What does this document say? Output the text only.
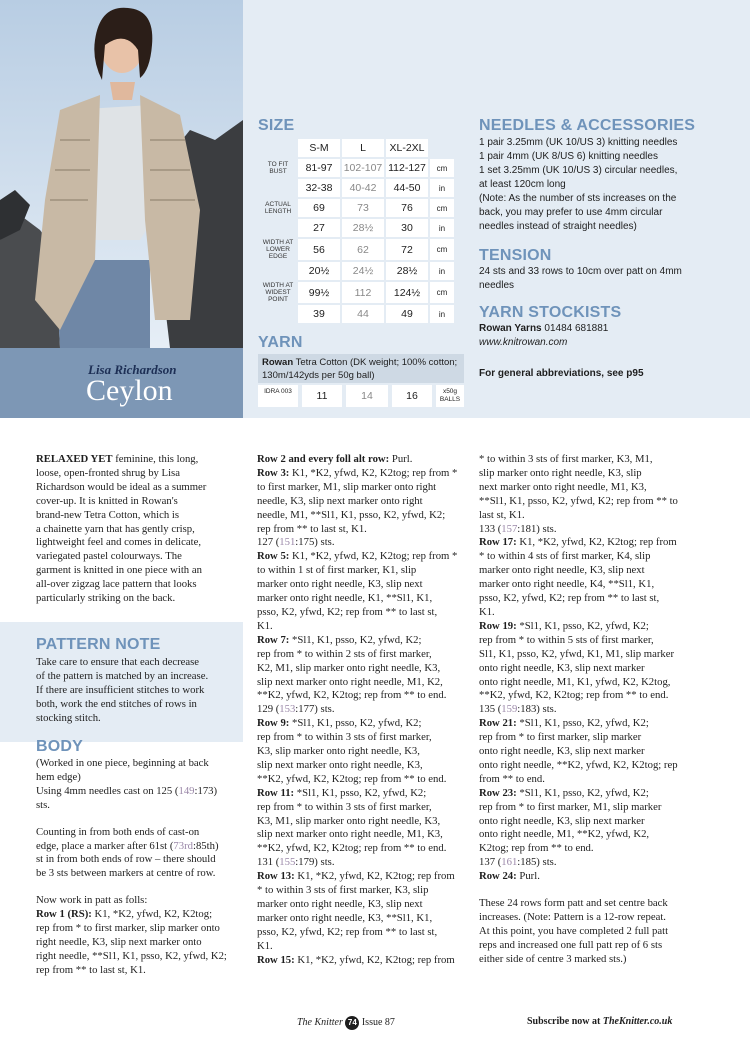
Lisa Richardson
Ceylon
SIZE
	S-M	L	XL-2XL	
TO FIT BUST	81-97	102-107	112-127	cm
	32-38	40-42	44-50	in
ACTUAL LENGTH	69	73	76	cm
	27	28½	30	in
WIDTH AT LOWER EDGE	56	62	72	cm
	20½	24½	28½	in
WIDTH AT WIDEST POINT	99½	112	124½	cm
	39	44	49	in
YARN
Rowan Tetra Cotton (DK weight; 100% cotton; 130m/142yds per 50g ball)
IDRA 003	11	14	16	x50g BALLS
NEEDLES & ACCESSORIES
1 pair 3.25mm (UK 10/US 3) knitting needles
1 pair 4mm (UK 8/US 6) knitting needles
1 set 3.25mm (UK 10/US 3) circular needles,
at least 120cm long
(Note: As the number of sts increases on the
back, you may prefer to use 4mm circular
needles instead of straight needles)
TENSION
24 sts and 33 rows to 10cm over patt on 4mm
needles
YARN STOCKISTS
Rowan Yarns 01484 681881
www.knitrowan.com
For general abbreviations, see p95

RELAXED YET feminine, this long,

loose, open-fronted shrug by Lisa

Richardson would be ideal as a summer

cover-up. It is knitted in Rowan's

brand-new Tetra Cotton, which is

a chainette yarn that has gently crisp,

lightweight feel and comes in delicate,

variegated pastel colourways. The

garment is knitted in one piece with an

all-over zigzag lace pattern that looks

particularly striking on the back.

PATTERN NOTE

Take care to ensure that each decrease

of the pattern is matched by an increase.

If there are insufficient stitches to work

both, work the end stitches of rows in

stocking stitch.

BODY

(Worked in one piece, beginning at back

hem edge)

Using 4mm needles cast on 125 (149:173)

sts.

Counting in from both ends of cast-on

edge, place a marker after 61st (73rd:85th)

st in from both ends of row – there should

be 3 sts between markers at centre of row.

Now work in patt as folls:

Row 1 (RS): K1, *K2, yfwd, K2, K2tog;

rep from * to first marker, slip marker onto

right needle, K3, slip next marker onto

right needle, **Sl1, K1, psso, K2, yfwd, K2;

rep from ** to last st, K1.

Row 2 and every foll alt row: Purl.

Row 3: K1, *K2, yfwd, K2, K2tog; rep from *

to first marker, M1, slip marker onto right

needle, K3, slip next marker onto right

needle, M1, **Sl1, K1, psso, K2, yfwd, K2;

rep from ** to last st, K1.

127 (151:175) sts.

Row 5: K1, *K2, yfwd, K2, K2tog; rep from *

to within 1 st of first marker, K1, slip

marker onto right needle, K3, slip next

marker onto right needle, K1, **Sl1, K1,

psso, K2, yfwd, K2; rep from ** to last st,

K1.

Row 7: *Sl1, K1, psso, K2, yfwd, K2;

rep from * to within 2 sts of first marker,

K2, M1, slip marker onto right needle, K3,

slip next marker onto right needle, M1, K2,

**K2, yfwd, K2, K2tog; rep from ** to end.

129 (153:177) sts.

Row 9: *Sl1, K1, psso, K2, yfwd, K2;

rep from * to within 3 sts of first marker,

K3, slip marker onto right needle, K3,

slip next marker onto right needle, K3,

**K2, yfwd, K2, K2tog; rep from ** to end.

Row 11: *Sl1, K1, psso, K2, yfwd, K2;

rep from * to within 3 sts of first marker,

K3, M1, slip marker onto right needle, K3,

slip next marker onto right needle, M1, K3,

**K2, yfwd, K2, K2tog; rep from ** to end.

131 (155:179) sts.

Row 13: K1, *K2, yfwd, K2, K2tog; rep from

* to within 3 sts of first marker, K3, slip

marker onto right needle, K3, slip next

marker onto right needle, K3, **Sl1, K1,

psso, K2, yfwd, K2; rep from ** to last st,

K1.

Row 15: K1, *K2, yfwd, K2, K2tog; rep from

* to within 3 sts of first marker, K3, M1,

slip marker onto right needle, K3, slip

next marker onto right needle, M1, K3,

**Sl1, K1, psso, K2, yfwd, K2; rep from ** to

last st, K1.

133 (157:181) sts.

Row 17: K1, *K2, yfwd, K2, K2tog; rep from

* to within 4 sts of first marker, K4, slip

marker onto right needle, K3, slip next

marker onto right needle, K4, **Sl1, K1,

psso, K2, yfwd, K2; rep from ** to last st,

K1.

Row 19: *Sl1, K1, psso, K2, yfwd, K2;

rep from * to within 5 sts of first marker,

Sl1, K1, psso, K2, yfwd, K1, M1, slip marker

onto right needle, K3, slip next marker

onto right needle, M1, K1, yfwd, K2, K2tog,

**K2, yfwd, K2, K2tog; rep from ** to end.

135 (159:183) sts.

Row 21: *Sl1, K1, psso, K2, yfwd, K2;

rep from * to first marker, slip marker

onto right needle, K3, slip next marker

onto right needle, **K2, yfwd, K2, K2tog; rep

from ** to end.

Row 23: *Sl1, K1, psso, K2, yfwd, K2;

rep from * to first marker, M1, slip marker

onto right needle, K3, slip next marker

onto right needle, M1, **K2, yfwd, K2,

K2tog; rep from ** to end.

137 (161:185) sts.

Row 24: Purl.

These 24 rows form patt and set centre back

increases. (Note: Pattern is a 12-row repeat.

At this point, you have completed 2 full patt

reps and increased one full patt rep of 6 sts

either side of centre 3 marked sts.)

The Knitter 74 Issue 87	Subscribe now at TheKnitter.co.uk
